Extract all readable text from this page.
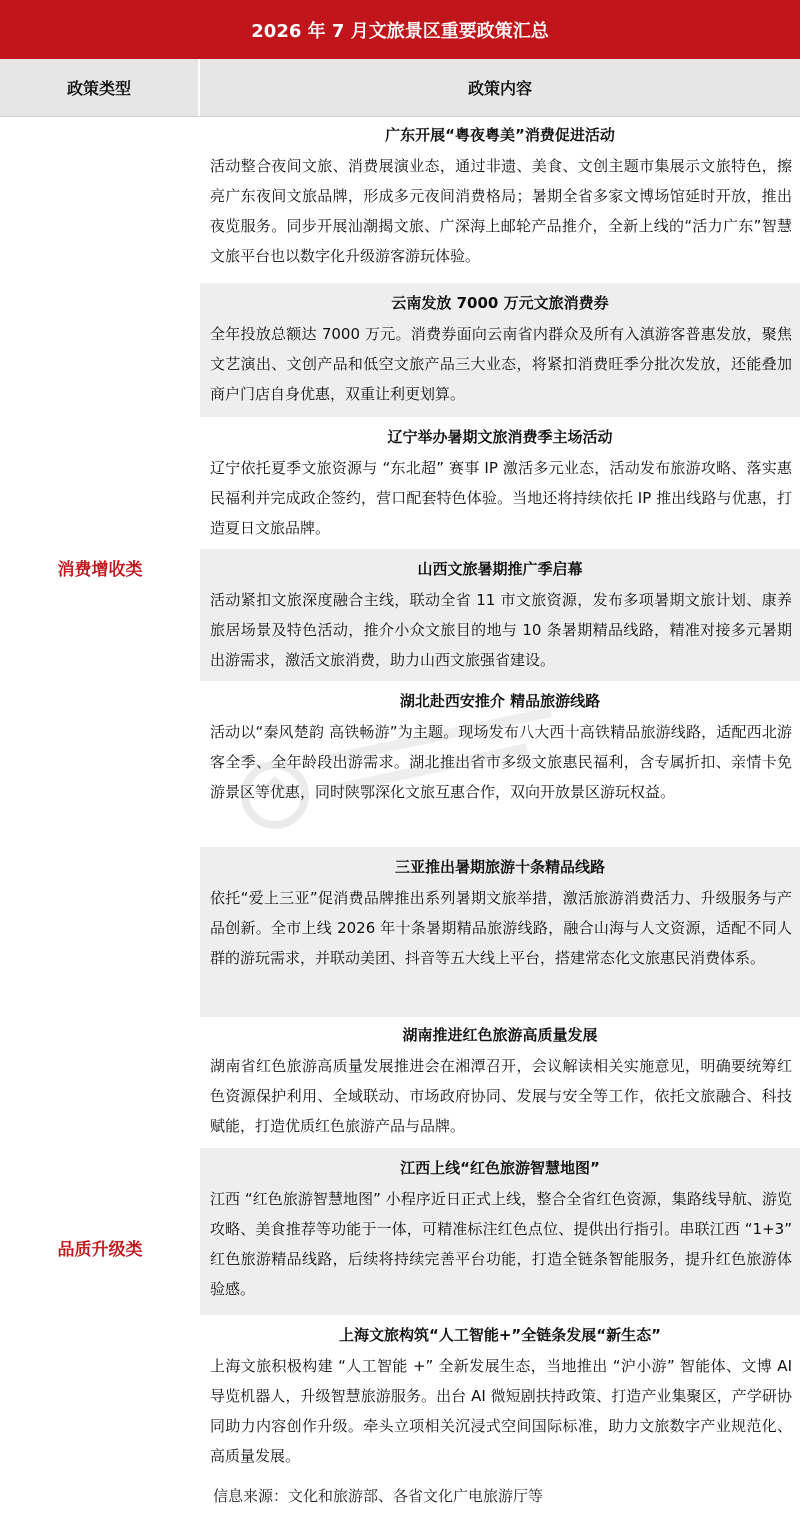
2026 年 7 月文旅景区重要政策汇总
政策类型	政策内容
消费增收类
品质升级类
广东开展“粤夜粤美”消费促进活动
活动整合夜间文旅、消费展演业态，通过非遗、美食、文创主题市集展示文旅特色，擦亮广东夜间文旅品牌，形成多元夜间消费格局；暑期全省多家文博场馆延时开放，推出夜览服务。同步开展汕潮揭文旅、广深海上邮轮产品推介，全新上线的“活力广东”智慧文旅平台也以数字化升级游客游玩体验。
云南发放 7000 万元文旅消费券
全年投放总额达 7000 万元。消费券面向云南省内群众及所有入滇游客普惠发放，聚焦文艺演出、文创产品和低空文旅产品三大业态，将紧扣消费旺季分批次发放，还能叠加商户门店自身优惠，双重让利更划算。
辽宁举办暑期文旅消费季主场活动
辽宁依托夏季文旅资源与 “东北超” 赛事 IP 激活多元业态，活动发布旅游攻略、落实惠民福利并完成政企签约，营口配套特色体验。当地还将持续依托 IP 推出线路与优惠，打造夏日文旅品牌。
山西文旅暑期推广季启幕
活动紧扣文旅深度融合主线，联动全省 11 市文旅资源，发布多项暑期文旅计划、康养旅居场景及特色活动，推介小众文旅目的地与 10 条暑期精品线路，精准对接多元暑期出游需求，激活文旅消费，助力山西文旅强省建设。
湖北赴西安推介 精品旅游线路
活动以“秦风楚韵 高铁畅游”为主题。现场发布八大西十高铁精品旅游线路，适配西北游客全季、全年龄段出游需求。湖北推出省市多级文旅惠民福利，含专属折扣、亲情卡免游景区等优惠，同时陕鄂深化文旅互惠合作，双向开放景区游玩权益。
三亚推出暑期旅游十条精品线路
依托“爱上三亚”促消费品牌推出系列暑期文旅举措，激活旅游消费活力、升级服务与产品创新。全市上线 2026 年十条暑期精品旅游线路，融合山海与人文资源，适配不同人群的游玩需求，并联动美团、抖音等五大线上平台，搭建常态化文旅惠民消费体系。
湖南推进红色旅游高质量发展
湖南省红色旅游高质量发展推进会在湘潭召开，会议解读相关实施意见，明确要统筹红色资源保护利用、全域联动、市场政府协同、发展与安全等工作，依托文旅融合、科技赋能，打造优质红色旅游产品与品牌。
江西上线“红色旅游智慧地图”
江西 “红色旅游智慧地图” 小程序近日正式上线，整合全省红色资源，集路线导航、游览攻略、美食推荐等功能于一体，可精准标注红色点位、提供出行指引。串联江西 “1+3” 红色旅游精品线路，后续将持续完善平台功能，打造全链条智能服务，提升红色旅游体验感。
上海文旅构筑“人工智能+”全链条发展“新生态”
上海文旅积极构建 “人工智能 +” 全新发展生态，当地推出 “沪小游” 智能体、文博 AI 导览机器人，升级智慧旅游服务。出台 AI 微短剧扶持政策、打造产业集聚区，产学研协同助力内容创作升级。牵头立项相关沉浸式空间国际标准，助力文旅数字产业规范化、高质量发展。
信息来源：文化和旅游部、各省文化广电旅游厅等
